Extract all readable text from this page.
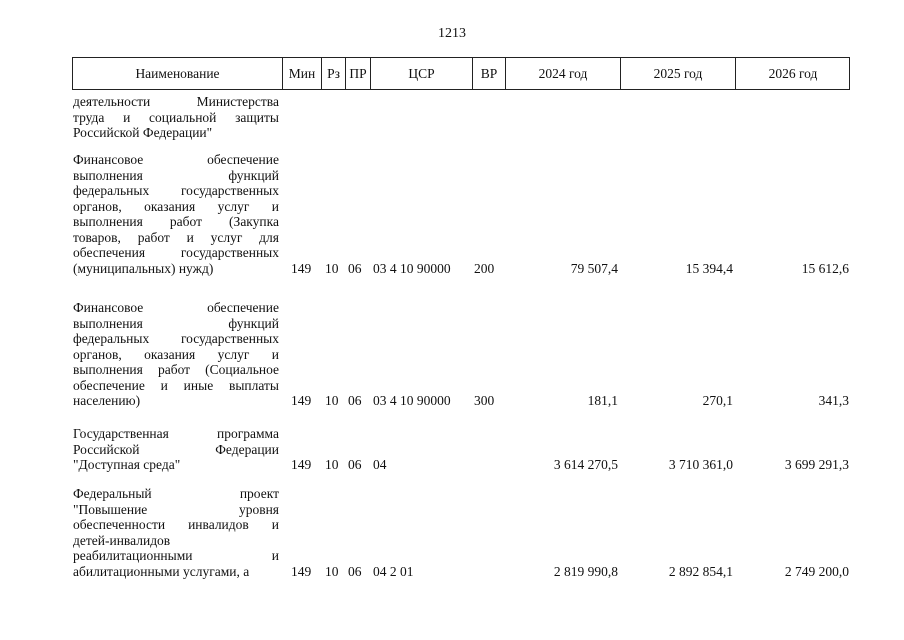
1213
Наименование	Мин Рз ПР	ЦСР	ВР	2024 год	2025 год	2026 год
деятельности Министерства
труда и социальной защиты
Российской Федерации"
Финансовое обеспечение
выполнения функций
федеральных государственных
органов, оказания услуг и
выполнения работ (Закупка
товаров, работ и услуг для
обеспечения государственных
(муниципальных) нужд)	149 10 06 03 4 10 90000 200	79 507,4	15 394,4	15 612,6
Финансовое обеспечение
выполнения функций
федеральных государственных
органов, оказания услуг и
выполнения работ (Социальное
обеспечение и иные выплаты
населению)	149 10 06 03 4 10 90000 300	181,1	270,1	341,3
Государственная программа
Российской Федерации
"Доступная среда"	149 10 06 04	3 614 270,5	3 710 361,0	3 699 291,3
Федеральный проект
"Повышение уровня
обеспеченности инвалидов и
детей-инвалидов
реабилитационными и
абилитационными услугами, а	149 10 06 04 2 01	2 819 990,8	2 892 854,1	2 749 200,0
